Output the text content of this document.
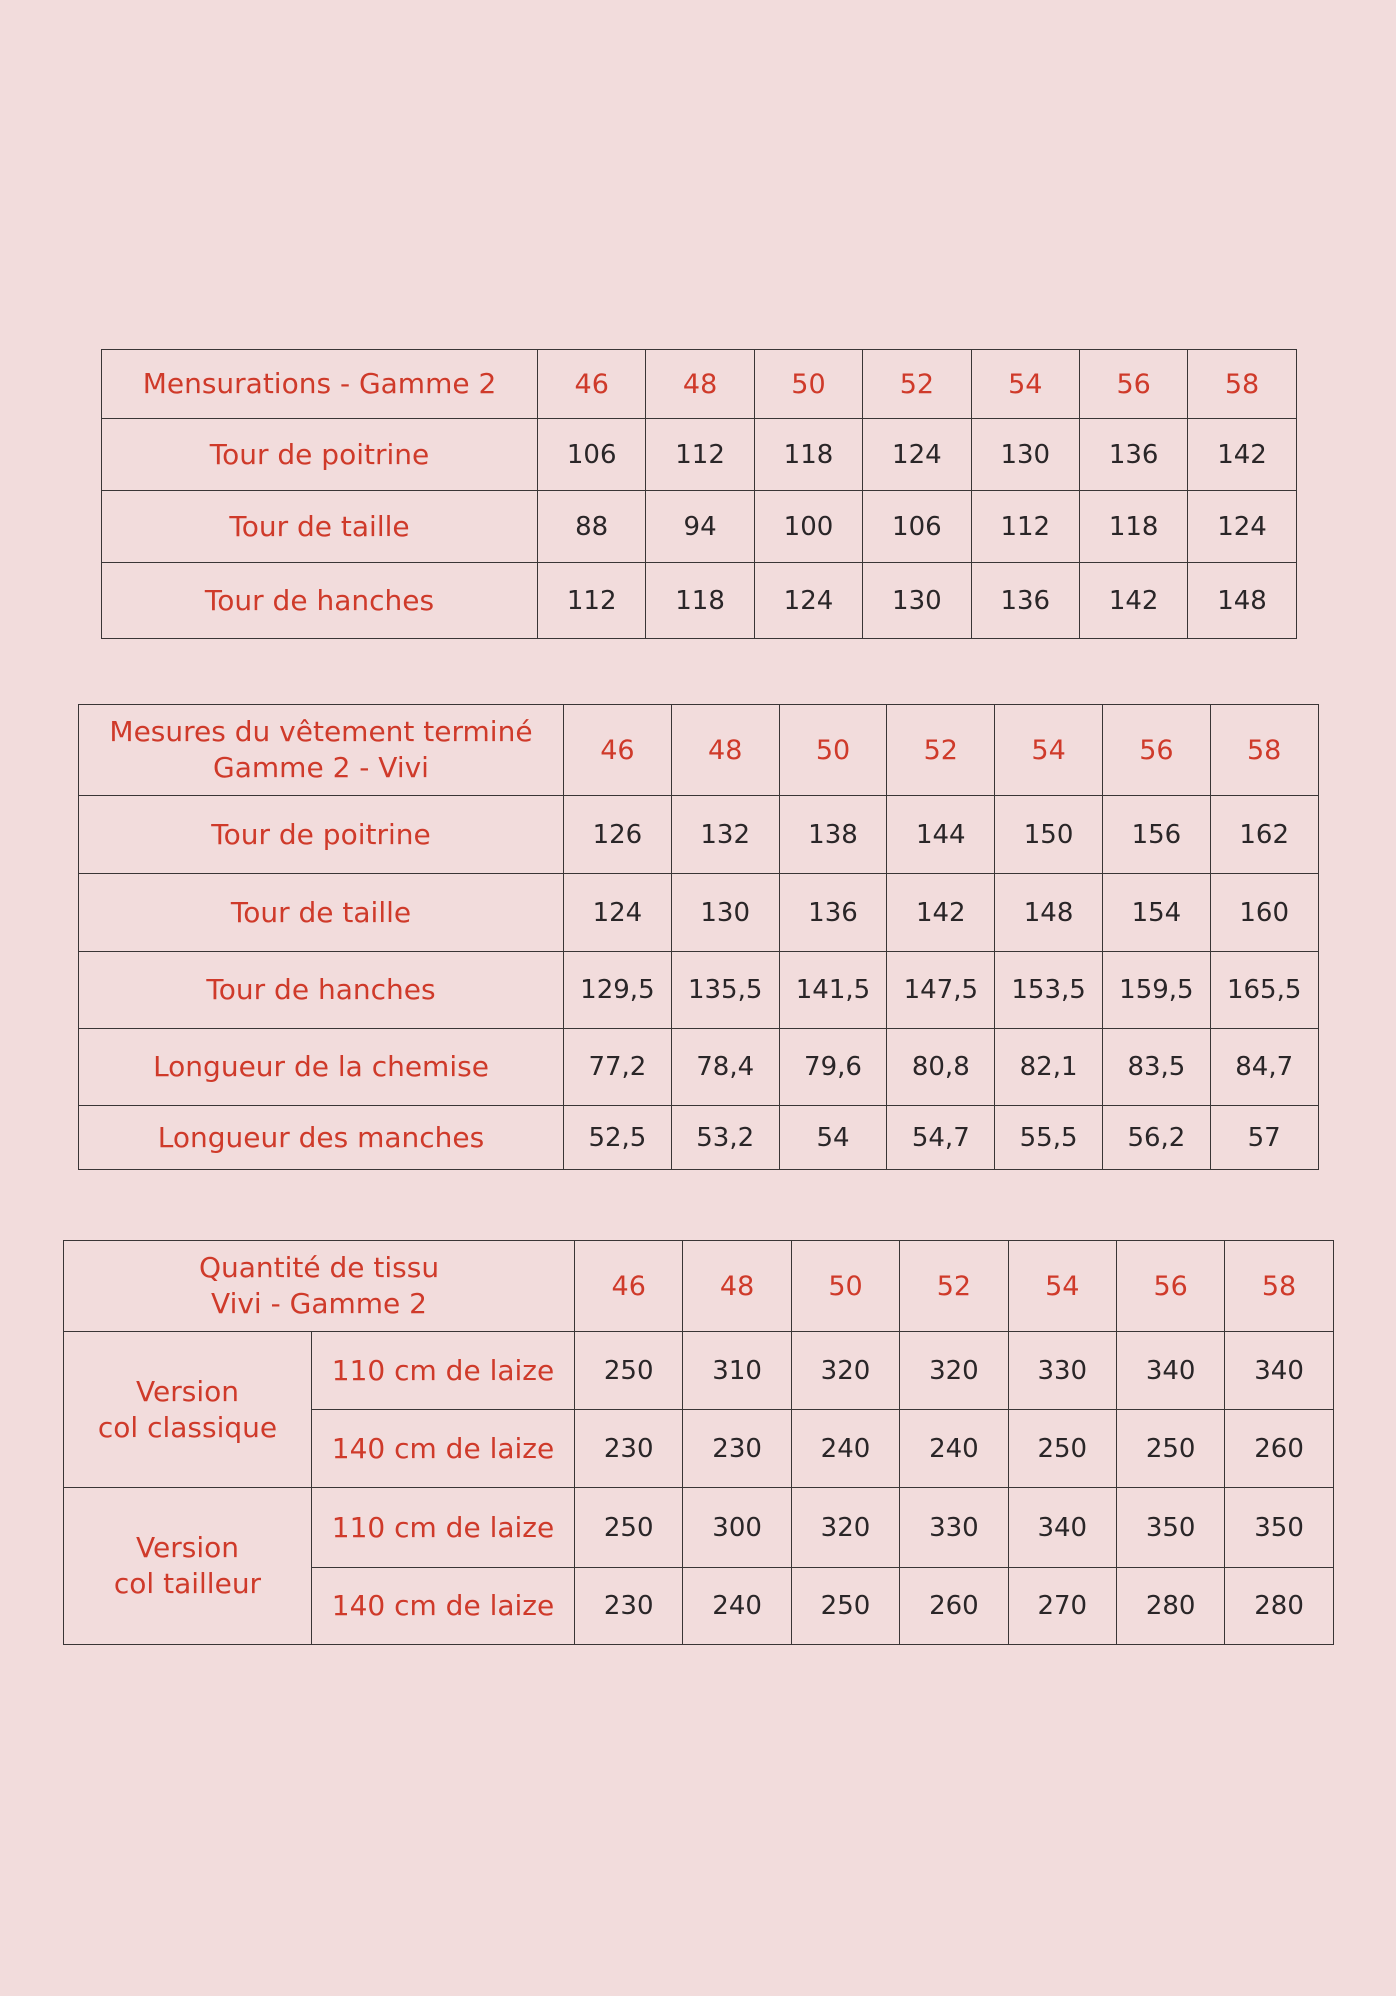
Mensurations - Gamme 2	46	48	50	52	54	56	58
Tour de poitrine	106	112	118	124	130	136	142
Tour de taille	88	94	100	106	112	118	124
Tour de hanches	112	118	124	130	136	142	148
Mesures du vêtement terminé
Gamme 2 - Vivi	46	48	50	52	54	56	58
Tour de poitrine	126	132	138	144	150	156	162
Tour de taille	124	130	136	142	148	154	160
Tour de hanches	129,5	135,5	141,5	147,5	153,5	159,5	165,5
Longueur de la chemise	77,2	78,4	79,6	80,8	82,1	83,5	84,7
Longueur des manches	52,5	53,2	54	54,7	55,5	56,2	57
Quantité de tissu
Vivi - Gamme 2		46	48	50	52	54	56	58

Version
col classique	110 cm de laize	250	310	320	320	330	340	340
	140 cm de laize	230	230	240	240	250	250	260

Version
col tailleur	110 cm de laize	250	300	320	330	340	350	350
	140 cm de laize	230	240	250	260	270	280	280
